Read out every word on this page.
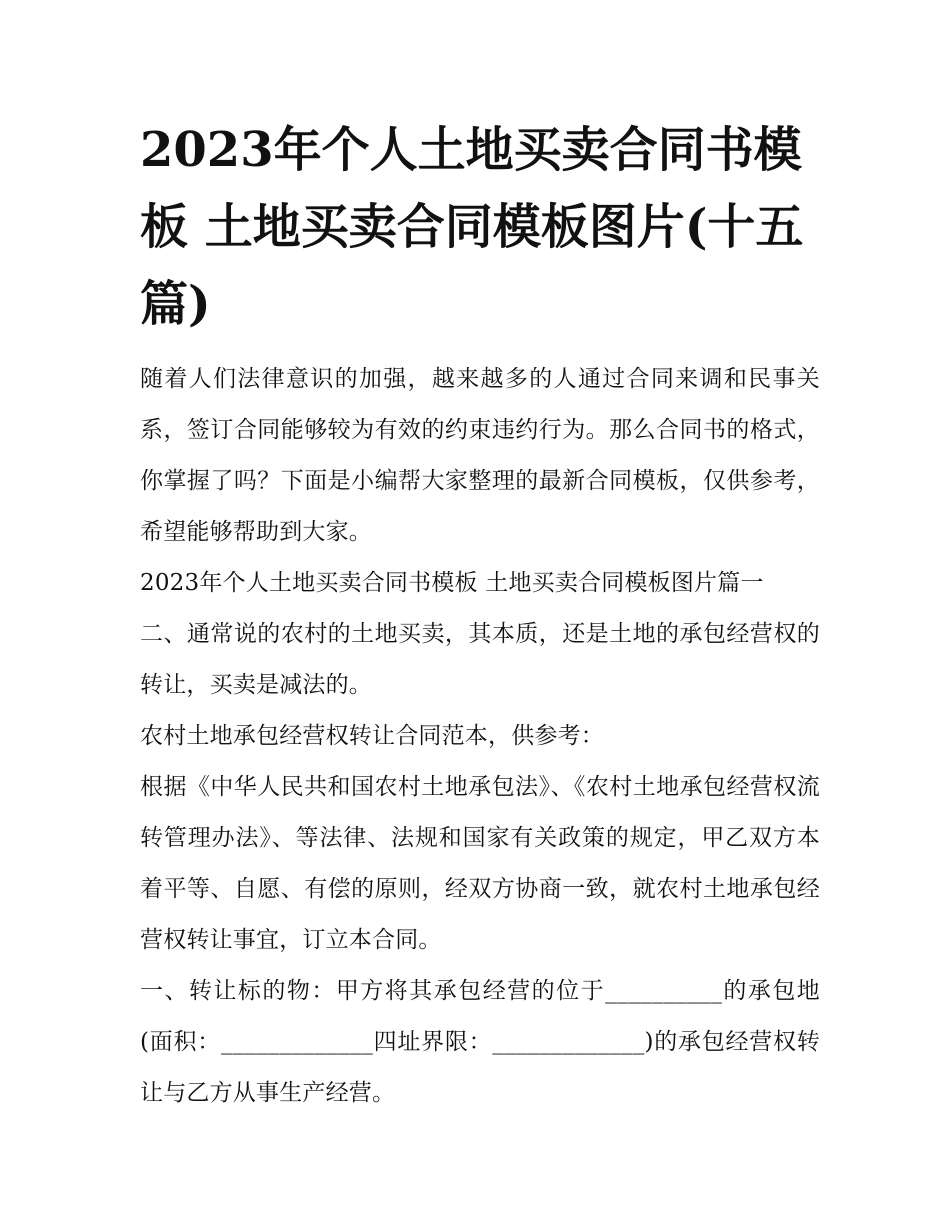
2023年个人土地买卖合同书模板 土地买卖合同模板图片(十五篇)

随着人们法律意识的加强，越来越多的人通过合同来调和民事关系，签订合同能够较为有效的约束违约行为。那么合同书的格式，你掌握了吗？下面是小编帮大家整理的最新合同模板，仅供参考，希望能够帮助到大家。

2023年个人土地买卖合同书模板 土地买卖合同模板图片篇一

二、通常说的农村的土地买卖，其本质，还是土地的承包经营权的转让，买卖是减法的。

农村土地承包经营权转让合同范本，供参考：

根据《中华人民共和国农村土地承包法》、《农村土地承包经营权流转管理办法》、等法律、法规和国家有关政策的规定，甲乙双方本着平等、自愿、有偿的原则，经双方协商一致，就农村土地承包经营权转让事宜，订立本合同。

一、转让标的物：甲方将其承包经营的位于__________的承包地(面积：_____________四址界限：_____________)的承包经营权转让与乙方从事生产经营。
